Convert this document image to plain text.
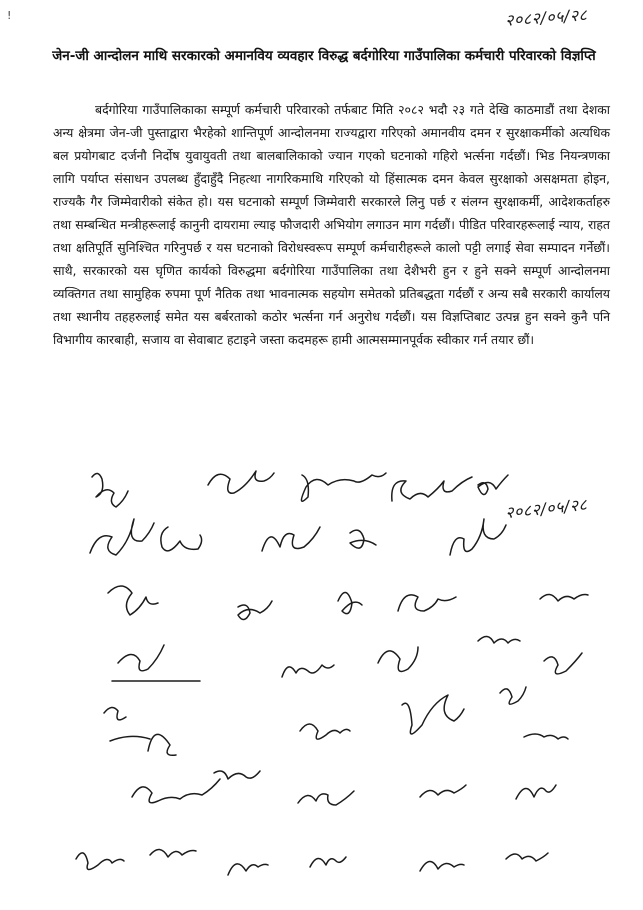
!	२०८२/०५/२८
जेन-जी आन्दोलन माथि सरकारको अमानविय व्यवहार विरुद्ध बर्दगोरिया गाउँपालिका कर्मचारी परिवारको विज्ञप्ति
बर्दगोरिया गाउँपालिकाका सम्पूर्ण कर्मचारी परिवारको तर्फबाट मिति २०८२ भदौ २३ गते देखि काठमाडौं तथा देशका अन्य क्षेत्रमा जेन-जी पुस्ताद्वारा भैरहेको शान्तिपूर्ण आन्दोलनमा राज्यद्वारा गरिएको अमानवीय दमन र सुरक्षाकर्मीको अत्यधिक बल प्रयोगबाट दर्जनौ निर्दोष युवायुवती तथा बालबालिकाको ज्यान गएको घटनाको गहिरो भर्त्सना गर्दछौं। भिड नियन्त्रणका लागि पर्याप्त संसाधन उपलब्ध हुँदाहुँदै निहत्था नागरिकमाथि गरिएको यो हिंसात्मक दमन केवल सुरक्षाको असक्षमता होइन, राज्यकै गैर जिम्मेवारीको संकेत हो। यस घटनाको सम्पूर्ण जिम्मेवारी सरकारले लिनु पर्छ र संलग्न सुरक्षाकर्मी, आदेशकर्ताहरु तथा सम्बन्धित मन्त्रीहरूलाई कानुनी दायरामा ल्याइ फौजदारी अभियोग लगाउन माग गर्दछौं। पीडित परिवारहरूलाई न्याय, राहत तथा क्षतिपूर्ति सुनिश्चित गरिनुपर्छ र यस घटनाको विरोधस्वरूप सम्पूर्ण कर्मचारीहरूले कालो पट्टी लगाई सेवा सम्पादन गर्नेछौं। साथै, सरकारको यस घृणित कार्यको विरुद्धमा बर्दगोरिया गाउँपालिका तथा देशैभरी हुन र हुने सक्ने सम्पूर्ण आन्दोलनमा व्यक्तिगत तथा सामुहिक रुपमा पूर्ण नैतिक तथा भावनात्मक सहयोग समेतको प्रतिबद्धता गर्दछौं र अन्य सबै सरकारी कार्यालय तथा स्थानीय तहहरुलाई समेत यस बर्बरताको कठोर भर्त्सना गर्न अनुरोध गर्दछौं। यस विज्ञप्तिबाट उत्पन्न हुन सक्ने कुनै पनि विभागीय कारबाही, सजाय वा सेवाबाट हटाइने जस्ता कदमहरू हामी आत्मसम्मानपूर्वक स्वीकार गर्न तयार छौं।
२०८२/०५/२८
